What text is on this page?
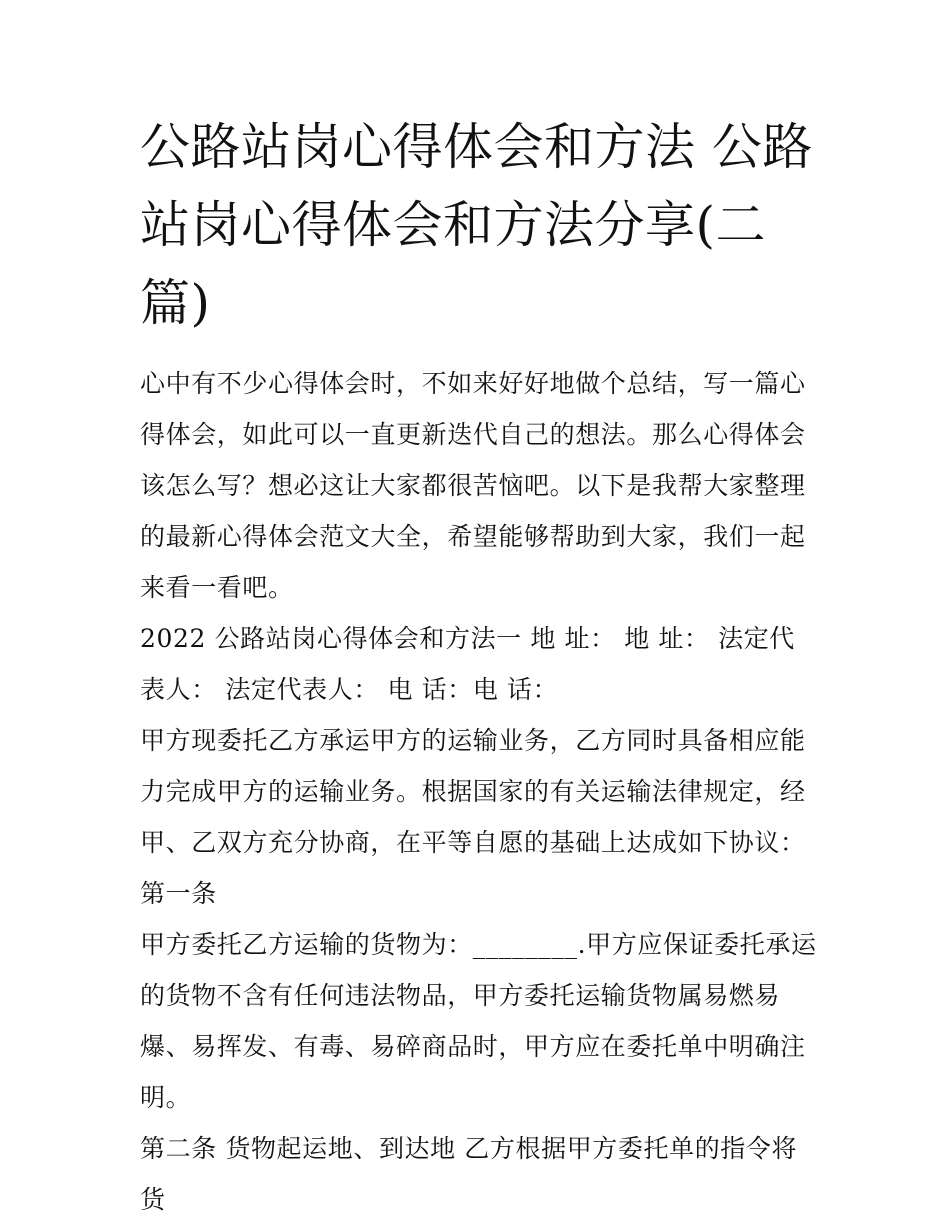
公路站岗心得体会和方法 公路站岗心得体会和方法分享(二篇)

心中有不少心得体会时，不如来好好地做个总结，写一篇心得体会，如此可以一直更新迭代自己的想法。那么心得体会该怎么写？想必这让大家都很苦恼吧。以下是我帮大家整理的最新心得体会范文大全，希望能够帮助到大家，我们一起来看一看吧。

2022 公路站岗心得体会和方法一 地 址： 地 址： 法定代表人： 法定代表人： 电 话：电 话：

甲方现委托乙方承运甲方的运输业务，乙方同时具备相应能力完成甲方的运输业务。根据国家的有关运输法律规定，经甲、乙双方充分协商，在平等自愿的基础上达成如下协议：

第一条

甲方委托乙方运输的货物为：________.甲方应保证委托承运的货物不含有任何违法物品，甲方委托运输货物属易燃易爆、易挥发、有毒、易碎商品时，甲方应在委托单中明确注明。

第二条 货物起运地、到达地 乙方根据甲方委托单的指令将货
